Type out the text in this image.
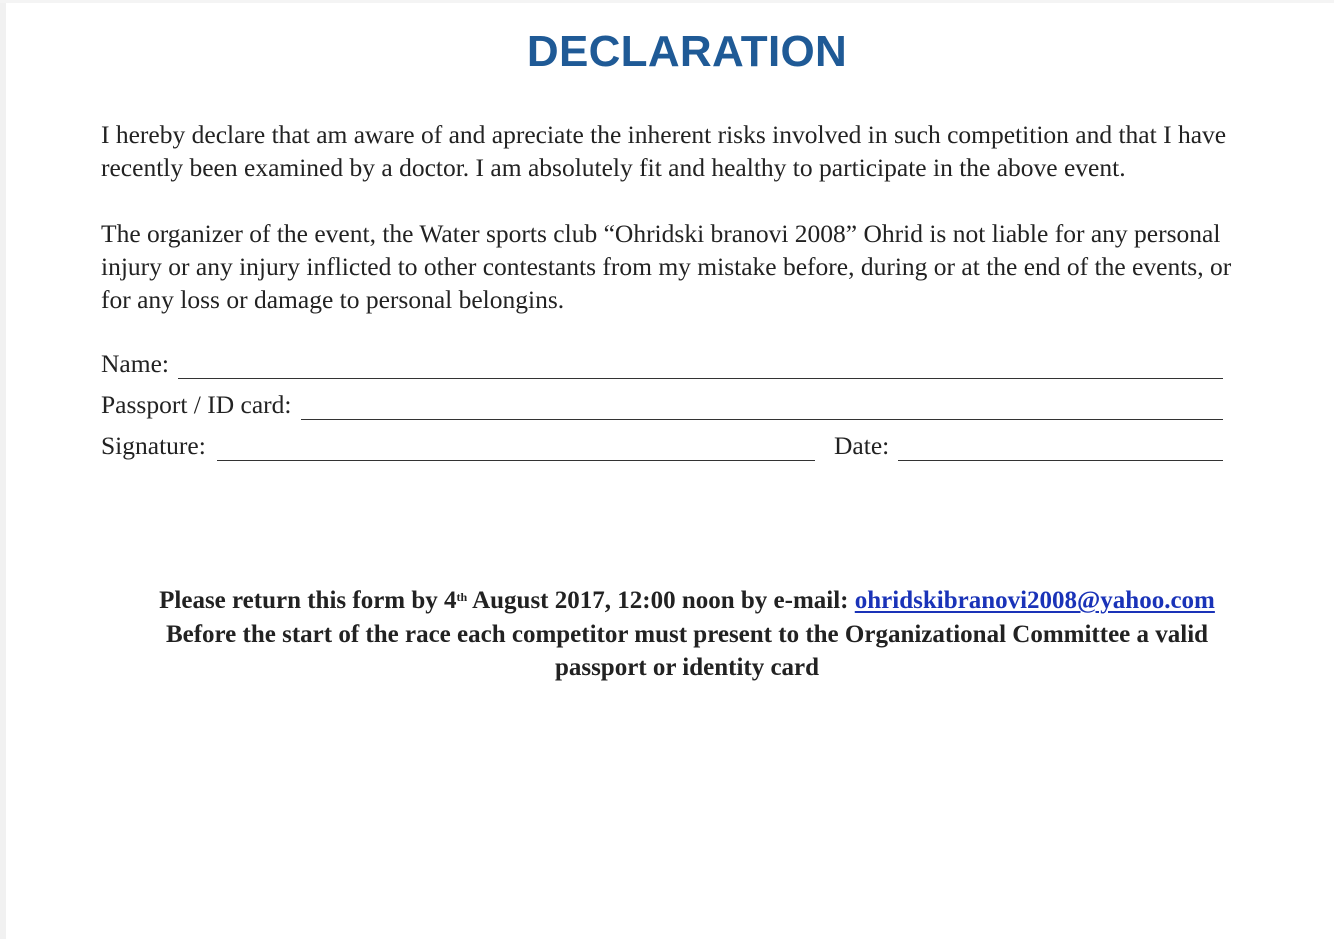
DECLARATION

I hereby declare that am aware of and apreciate the inherent risks involved in such competition and that I have
recently been examined by a doctor. I am absolutely fit and healthy to participate in the above event.

The organizer of the event, the Water sports club “Ohridski branovi 2008” Ohrid is not liable for any personal
injury or any injury inflicted to other contestants from my mistake before, during or at the end of the events, or
for any loss or damage to personal belongins.

Name:
Passport / ID card:
Signature:	Date:
Please return this form by 4th August 2017, 12:00 noon by e-mail: ohridskibranovi2008@yahoo.com
Before the start of the race each competitor must present to the Organizational Committee a valid
passport or identity card
